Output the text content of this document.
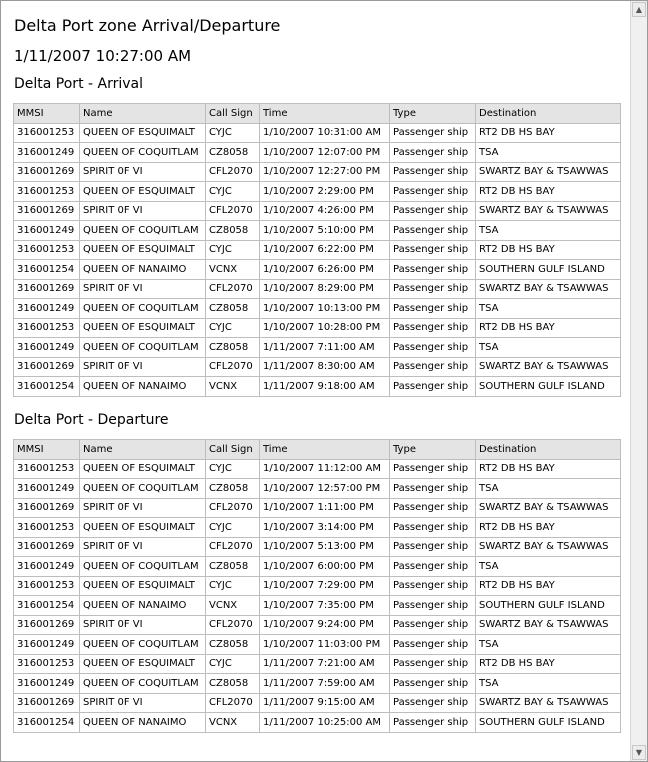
Delta Port zone Arrival/Departure
1/11/2007 10:27:00 AM
Delta Port - Arrival
MMSI	Name	Call Sign	Time	Type	Destination
316001253	QUEEN OF ESQUIMALT	CYJC	1/10/2007 10:31:00 AM	Passenger ship	RT2 DB HS BAY
316001249	QUEEN OF COQUITLAM	CZ8058	1/10/2007 12:07:00 PM	Passenger ship	TSA
316001269	SPIRIT 0F VI	CFL2070	1/10/2007 12:27:00 PM	Passenger ship	SWARTZ BAY & TSAWWAS
316001253	QUEEN OF ESQUIMALT	CYJC	1/10/2007 2:29:00 PM	Passenger ship	RT2 DB HS BAY
316001269	SPIRIT 0F VI	CFL2070	1/10/2007 4:26:00 PM	Passenger ship	SWARTZ BAY & TSAWWAS
316001249	QUEEN OF COQUITLAM	CZ8058	1/10/2007 5:10:00 PM	Passenger ship	TSA
316001253	QUEEN OF ESQUIMALT	CYJC	1/10/2007 6:22:00 PM	Passenger ship	RT2 DB HS BAY
316001254	QUEEN OF NANAIMO	VCNX	1/10/2007 6:26:00 PM	Passenger ship	SOUTHERN GULF ISLAND
316001269	SPIRIT 0F VI	CFL2070	1/10/2007 8:29:00 PM	Passenger ship	SWARTZ BAY & TSAWWAS
316001249	QUEEN OF COQUITLAM	CZ8058	1/10/2007 10:13:00 PM	Passenger ship	TSA
316001253	QUEEN OF ESQUIMALT	CYJC	1/10/2007 10:28:00 PM	Passenger ship	RT2 DB HS BAY
316001249	QUEEN OF COQUITLAM	CZ8058	1/11/2007 7:11:00 AM	Passenger ship	TSA
316001269	SPIRIT 0F VI	CFL2070	1/11/2007 8:30:00 AM	Passenger ship	SWARTZ BAY & TSAWWAS
316001254	QUEEN OF NANAIMO	VCNX	1/11/2007 9:18:00 AM	Passenger ship	SOUTHERN GULF ISLAND
Delta Port - Departure
MMSI	Name	Call Sign	Time	Type	Destination
316001253	QUEEN OF ESQUIMALT	CYJC	1/10/2007 11:12:00 AM	Passenger ship	RT2 DB HS BAY
316001249	QUEEN OF COQUITLAM	CZ8058	1/10/2007 12:57:00 PM	Passenger ship	TSA
316001269	SPIRIT 0F VI	CFL2070	1/10/2007 1:11:00 PM	Passenger ship	SWARTZ BAY & TSAWWAS
316001253	QUEEN OF ESQUIMALT	CYJC	1/10/2007 3:14:00 PM	Passenger ship	RT2 DB HS BAY
316001269	SPIRIT 0F VI	CFL2070	1/10/2007 5:13:00 PM	Passenger ship	SWARTZ BAY & TSAWWAS
316001249	QUEEN OF COQUITLAM	CZ8058	1/10/2007 6:00:00 PM	Passenger ship	TSA
316001253	QUEEN OF ESQUIMALT	CYJC	1/10/2007 7:29:00 PM	Passenger ship	RT2 DB HS BAY
316001254	QUEEN OF NANAIMO	VCNX	1/10/2007 7:35:00 PM	Passenger ship	SOUTHERN GULF ISLAND
316001269	SPIRIT 0F VI	CFL2070	1/10/2007 9:24:00 PM	Passenger ship	SWARTZ BAY & TSAWWAS
316001249	QUEEN OF COQUITLAM	CZ8058	1/10/2007 11:03:00 PM	Passenger ship	TSA
316001253	QUEEN OF ESQUIMALT	CYJC	1/11/2007 7:21:00 AM	Passenger ship	RT2 DB HS BAY
316001249	QUEEN OF COQUITLAM	CZ8058	1/11/2007 7:59:00 AM	Passenger ship	TSA
316001269	SPIRIT 0F VI	CFL2070	1/11/2007 9:15:00 AM	Passenger ship	SWARTZ BAY & TSAWWAS
316001254	QUEEN OF NANAIMO	VCNX	1/11/2007 10:25:00 AM	Passenger ship	SOUTHERN GULF ISLAND
▲
▼
